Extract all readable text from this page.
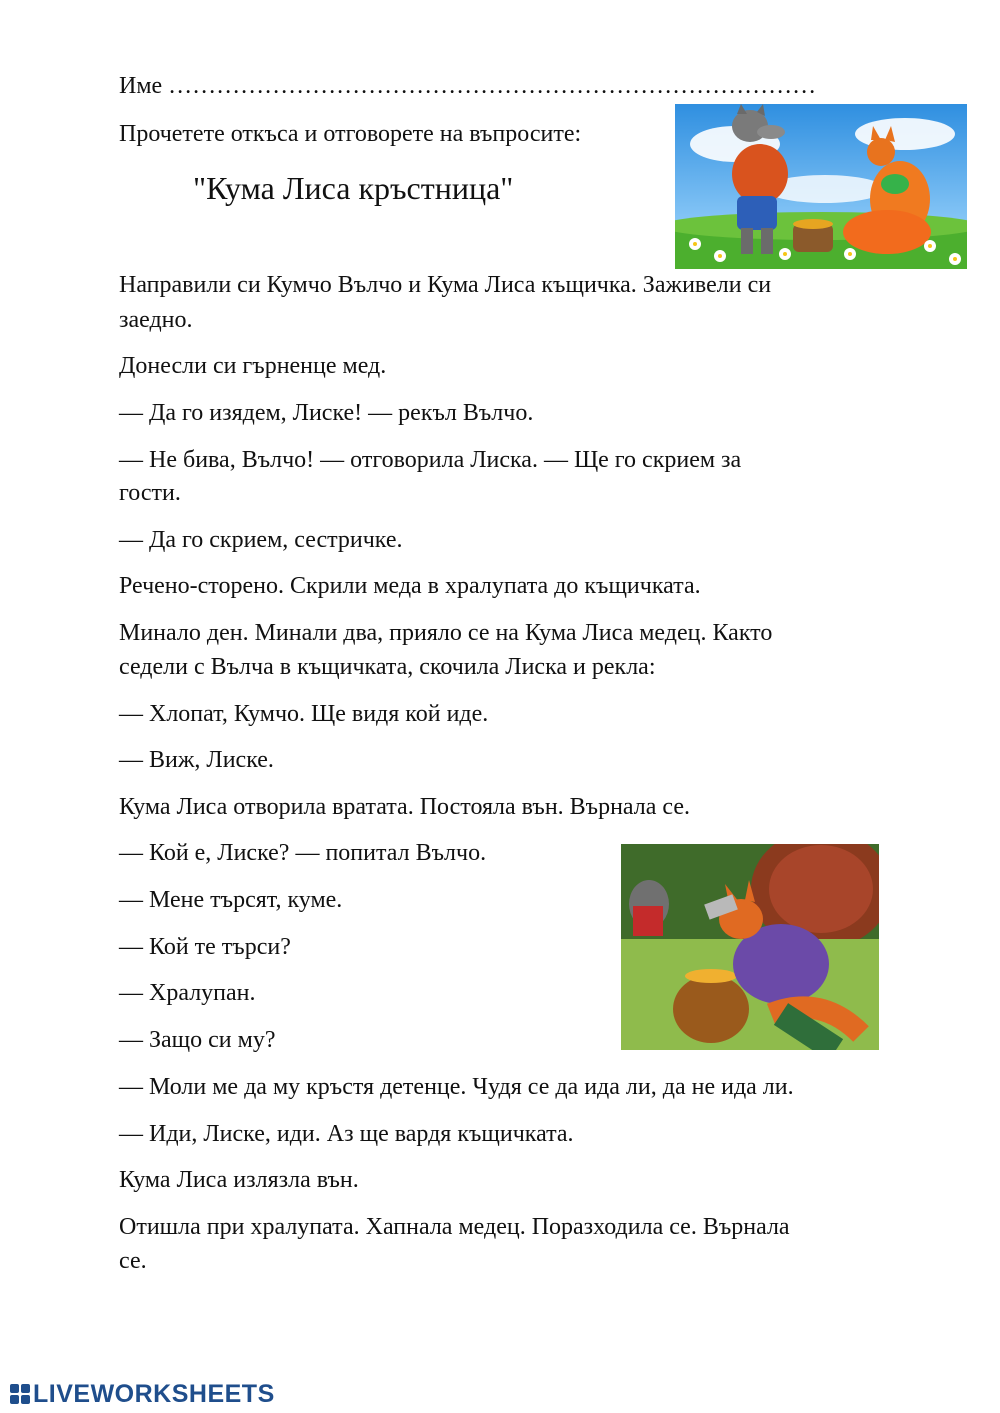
Име ………………………………………………………………………

Прочетете откъса и отговорете на въпросите:

"Кума Лиса кръстница"

Направили си Кумчо Вълчо и Кума Лиса къщичка. Заживели си

заедно.

Донесли си гърненце мед.

— Да го изядем, Лиске! — рекъл Вълчо.

— Не бива, Вълчо! — отговорила Лиска. — Ще го скрием за

гости.

— Да го скрием, сестричке.

Речено-сторено. Скрили меда в хралупата до къщичката.

Минало ден. Минали два, прияло се на Кума Лиса медец. Както

седели с Вълча в къщичката, скочила Лиска и рекла:

— Хлопат, Кумчо. Ще видя кой иде.

— Виж, Лиске.

Кума Лиса отворила вратата. Постояла вън. Върнала се.

— Кой е, Лиске? — попитал Вълчо.

— Мене търсят, куме.

— Кой те търси?

— Хралупан.

— Защо си му?

— Моли ме да му кръстя детенце. Чудя се да ида ли, да не ида ли.

— Иди, Лиске, иди. Аз ще вардя къщичката.

Кума Лиса излязла вън.

Отишла при хралупата. Хапнала медец. Поразходила се. Върнала

се.

LIVEWORKSHEETS
